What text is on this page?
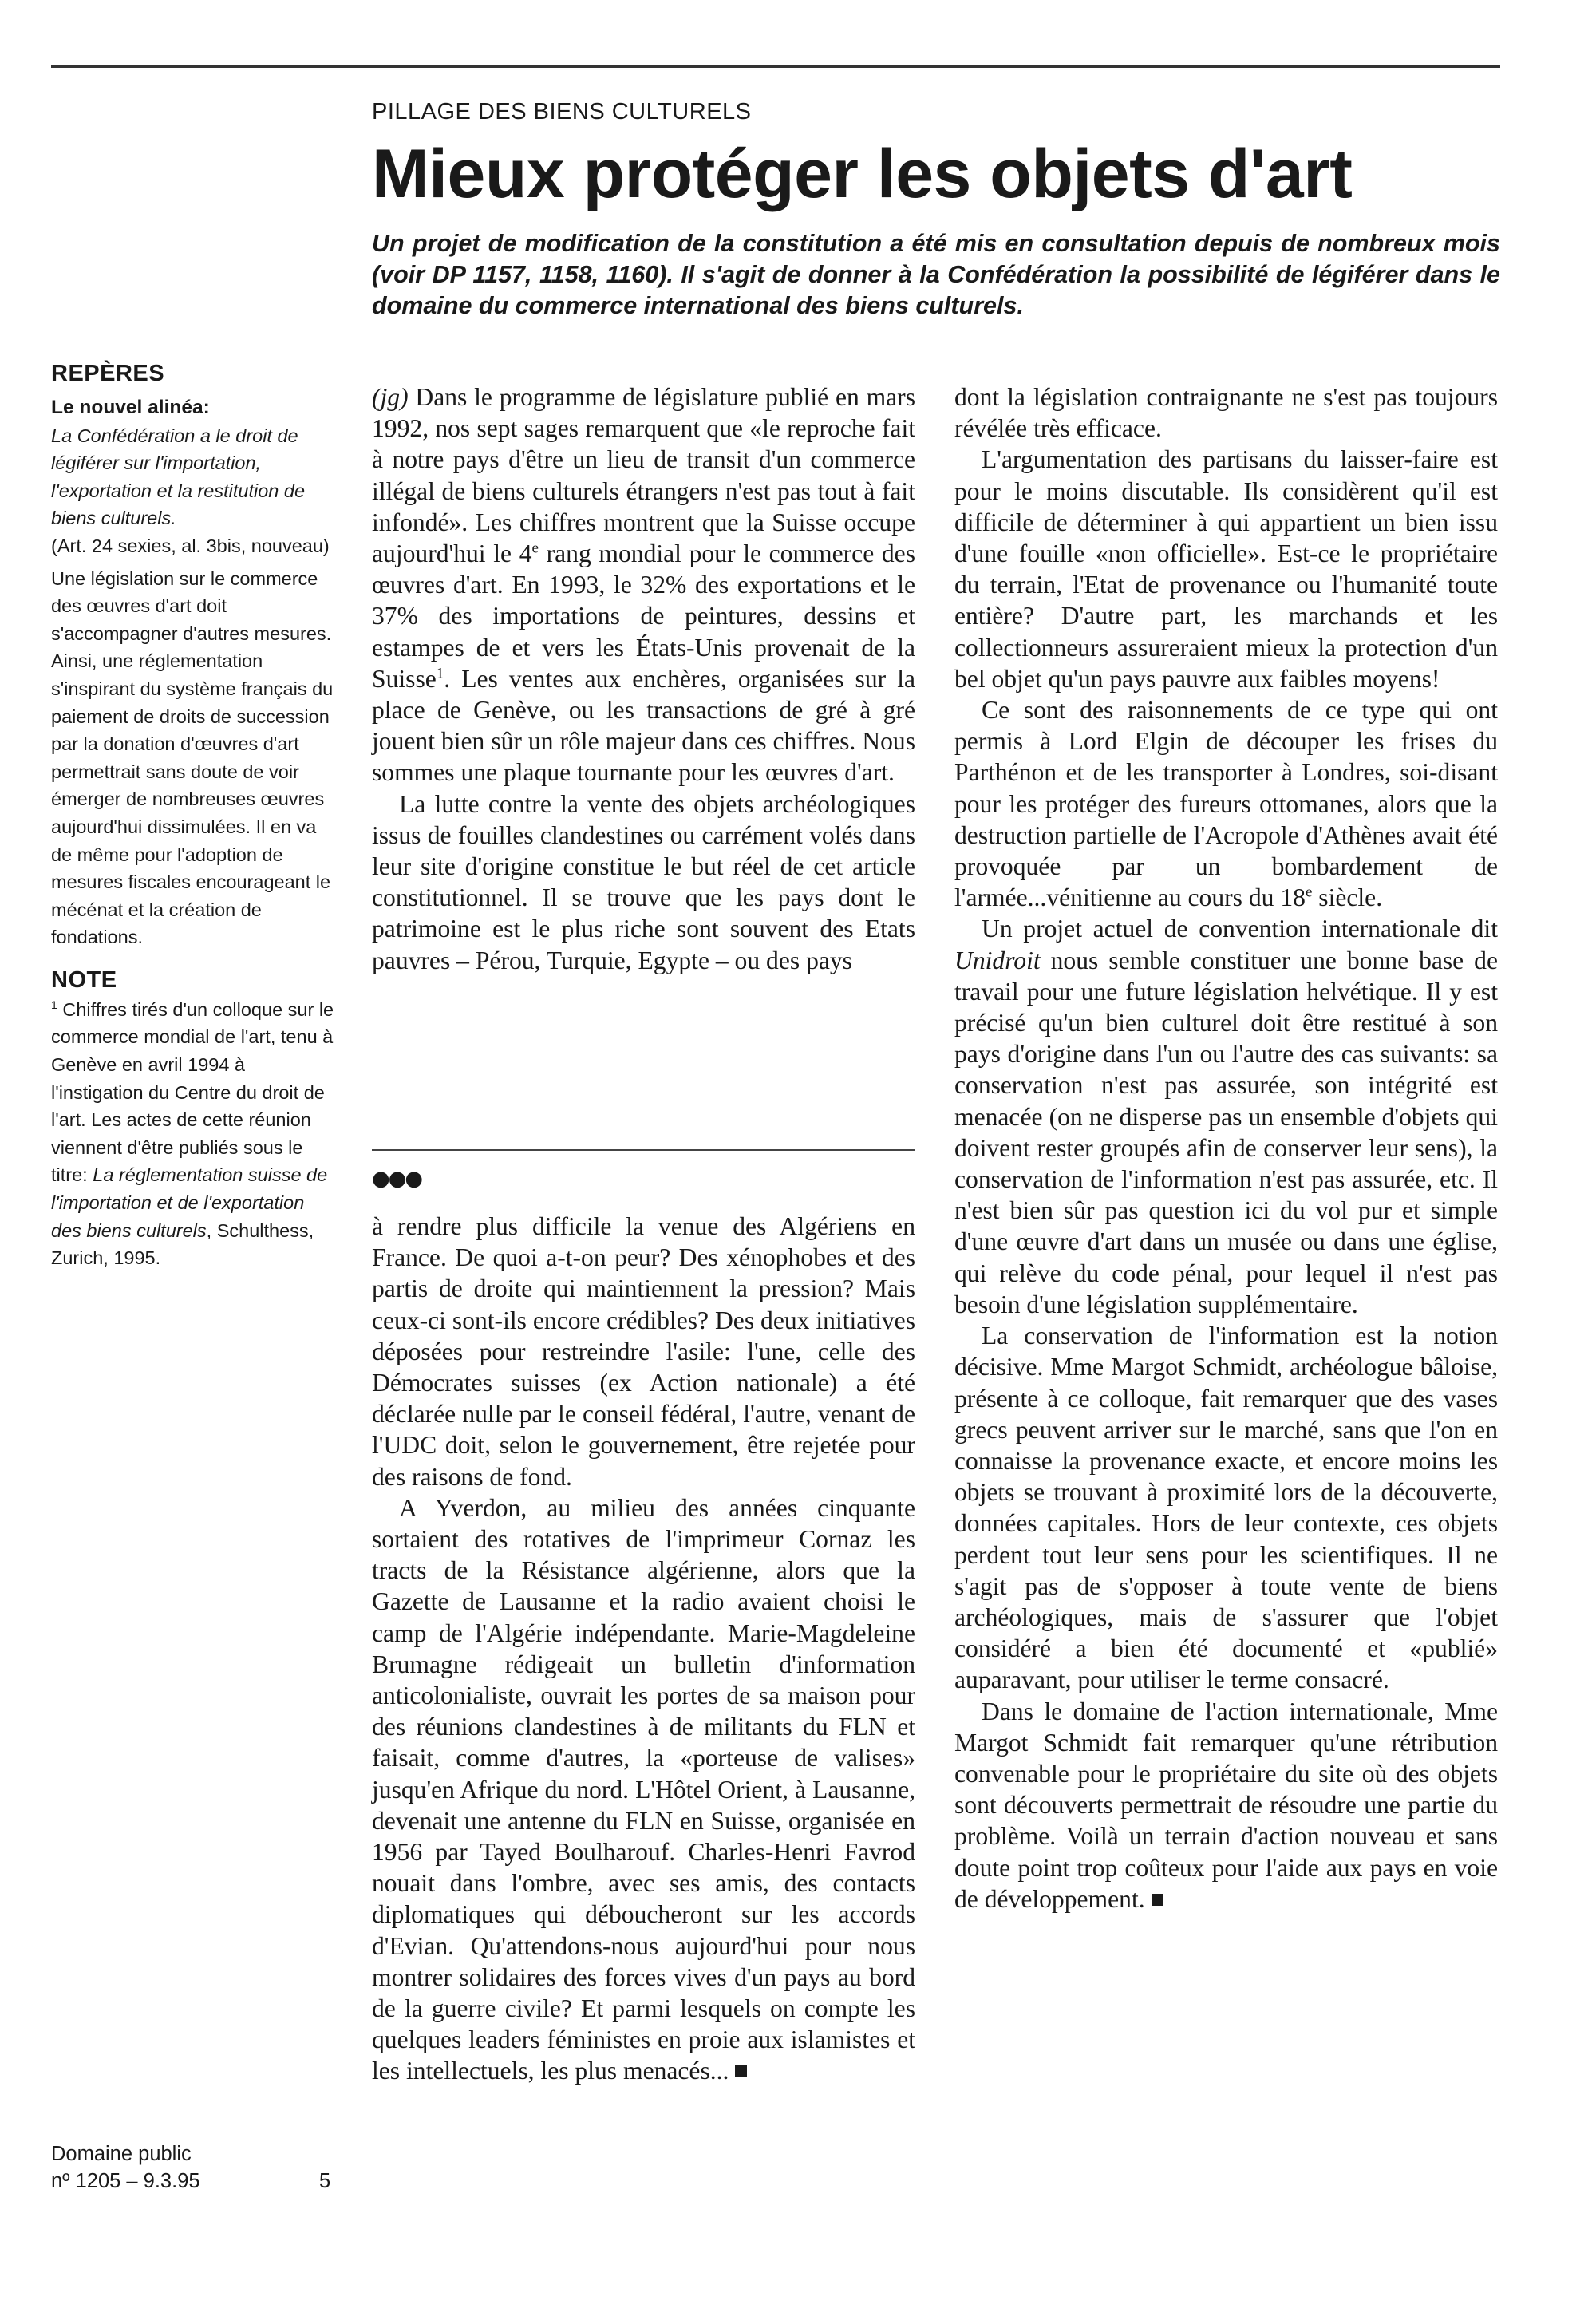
PILLAGE DES BIENS CULTURELS
Mieux protéger les objets d'art

Un projet de modification de la constitution a été mis en consultation depuis de nombreux mois (voir DP 1157, 1158, 1160). Il s'agit de donner à la Confédération la possibilité de légiférer dans le domaine du commerce international des biens culturels.

REPÈRES

Le nouvel alinéa:

La Confédération a le droit de légiférer sur l'importation, l'exportation et la restitution de biens culturels.

(Art. 24 sexies, al. 3bis, nouveau)

Une législation sur le commerce des œuvres d'art doit s'accompagner d'autres mesures. Ainsi, une réglementation s'inspirant du système français du paiement de droits de succession par la donation d'œuvres d'art permettrait sans doute de voir émerger de nombreuses œuvres aujourd'hui dissimulées. Il en va de même pour l'adoption de mesures fiscales encourageant le mécénat et la création de fondations.

NOTE

$^1$ Chiffres tirés d'un colloque sur le commerce mondial de l'art, tenu à Genève en avril 1994 à l'instigation du Centre du droit de l'art. Les actes de cette réunion viennent d'être publiés sous le titre: La réglementation suisse de l'importation et de l'exportation des biens culturels, Schulthess, Zurich, 1995.

Domaine public
nº 1205 – 9.3.95	5

(jg) Dans le programme de législature publié en mars 1992, nos sept sages remarquent que «le reproche fait à notre pays d'être un lieu de transit d'un commerce illégal de biens culturels étrangers n'est pas tout à fait infondé». Les chiffres montrent que la Suisse occupe aujourd'hui le 4e rang mondial pour le commerce des œuvres d'art. En 1993, le 32% des exportations et le 37% des importations de peintures, dessins et estampes de et vers les États-Unis provenait de la Suisse$^1$. Les ventes aux enchères, organisées sur la place de Genève, ou les transactions de gré à gré jouent bien sûr un rôle majeur dans ces chiffres. Nous sommes une plaque tournante pour les œuvres d'art.

La lutte contre la vente des objets archéologiques issus de fouilles clandestines ou carrément volés dans leur site d'origine constitue le but réel de cet article constitutionnel. Il se trouve que les pays dont le patrimoine est le plus riche sont souvent des Etats pauvres – Pérou, Turquie, Egypte – ou des pays

●●●

à rendre plus difficile la venue des Algériens en France. De quoi a-t-on peur? Des xénophobes et des partis de droite qui maintiennent la pression? Mais ceux-ci sont-ils encore crédibles? Des deux initiatives déposées pour restreindre l'asile: l'une, celle des Démocrates suisses (ex Action nationale) a été déclarée nulle par le conseil fédéral, l'autre, venant de l'UDC doit, selon le gouvernement, être rejetée pour des raisons de fond.

A Yverdon, au milieu des années cinquante sortaient des rotatives de l'imprimeur Cornaz les tracts de la Résistance algérienne, alors que la Gazette de Lausanne et la radio avaient choisi le camp de l'Algérie indépendante. Marie-Magdeleine Brumagne rédigeait un bulletin d'information anticolonialiste, ouvrait les portes de sa maison pour des réunions clandestines à de militants du FLN et faisait, comme d'autres, la «porteuse de valises» jusqu'en Afrique du nord. L'Hôtel Orient, à Lausanne, devenait une antenne du FLN en Suisse, organisée en 1956 par Tayed Boulharouf. Charles-Henri Favrod nouait dans l'ombre, avec ses amis, des contacts diplomatiques qui déboucheront sur les accords d'Evian. Qu'attendons-nous aujourd'hui pour nous montrer solidaires des forces vives d'un pays au bord de la guerre civile? Et parmi lesquels on compte les quelques leaders féministes en proie aux islamistes et les intellectuels, les plus menacés...

dont la législation contraignante ne s'est pas toujours révélée très efficace.

L'argumentation des partisans du laisser-faire est pour le moins discutable. Ils considèrent qu'il est difficile de déterminer à qui appartient un bien issu d'une fouille «non officielle». Est-ce le propriétaire du terrain, l'Etat de provenance ou l'humanité toute entière? D'autre part, les marchands et les collectionneurs assureraient mieux la protection d'un bel objet qu'un pays pauvre aux faibles moyens!

Ce sont des raisonnements de ce type qui ont permis à Lord Elgin de découper les frises du Parthénon et de les transporter à Londres, soi-disant pour les protéger des fureurs ottomanes, alors que la destruction partielle de l'Acropole d'Athènes avait été provoquée par un bombardement de l'armée...vénitienne au cours du 18e siècle.

Un projet actuel de convention internationale dit Unidroit nous semble constituer une bonne base de travail pour une future législation helvétique. Il y est précisé qu'un bien culturel doit être restitué à son pays d'origine dans l'un ou l'autre des cas suivants: sa conservation n'est pas assurée, son intégrité est menacée (on ne disperse pas un ensemble d'objets qui doivent rester groupés afin de conserver leur sens), la conservation de l'information n'est pas assurée, etc. Il n'est bien sûr pas question ici du vol pur et simple d'une œuvre d'art dans un musée ou dans une église, qui relève du code pénal, pour lequel il n'est pas besoin d'une législation supplémentaire.

La conservation de l'information est la notion décisive. Mme Margot Schmidt, archéologue bâloise, présente à ce colloque, fait remarquer que des vases grecs peuvent arriver sur le marché, sans que l'on en connaisse la provenance exacte, et encore moins les objets se trouvant à proximité lors de la découverte, données capitales. Hors de leur contexte, ces objets perdent tout leur sens pour les scientifiques. Il ne s'agit pas de s'opposer à toute vente de biens archéologiques, mais de s'assurer que l'objet considéré a bien été documenté et «publié» auparavant, pour utiliser le terme consacré.

Dans le domaine de l'action internationale, Mme Margot Schmidt fait remarquer qu'une rétribution convenable pour le propriétaire du site où des objets sont découverts permettrait de résoudre une partie du problème. Voilà un terrain d'action nouveau et sans doute point trop coûteux pour l'aide aux pays en voie de développement.
